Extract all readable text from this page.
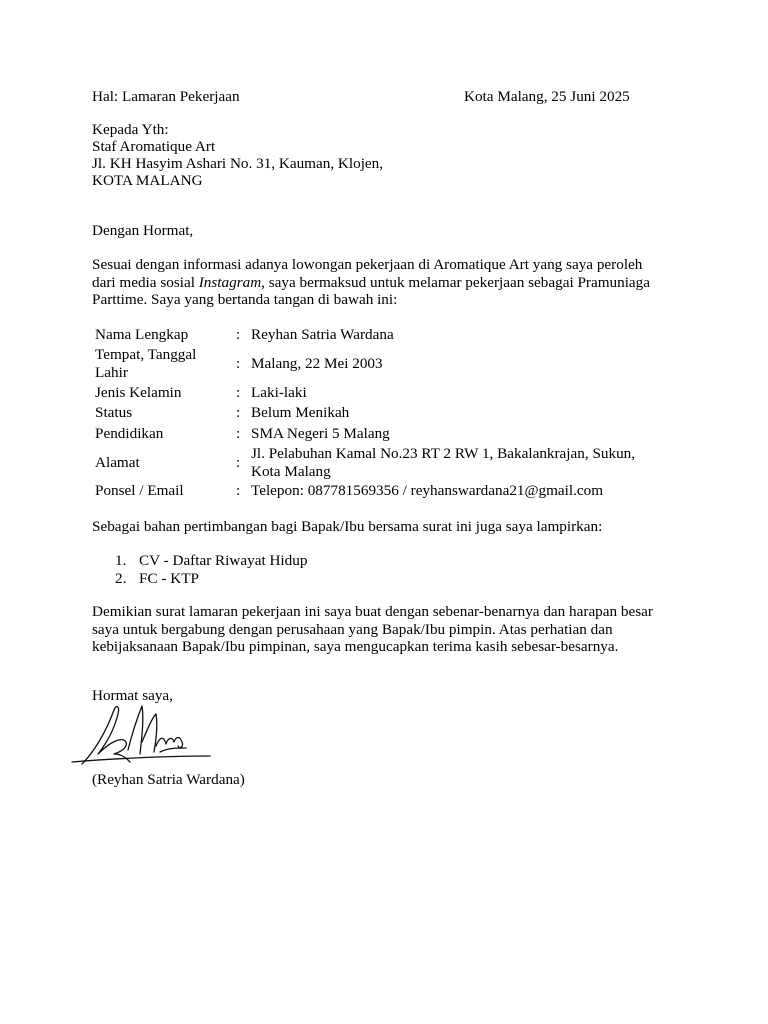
Hal: Lamaran Pekerjaan	Kota Malang, 25 Juni 2025
Kepada Yth:
Staf Aromatique Art
Jl. KH Hasyim Ashari No. 31, Kauman, Klojen,
KOTA MALANG
Dengan Hormat,
Sesuai dengan informasi adanya lowongan pekerjaan di Aromatique Art yang saya peroleh
dari media sosial Instagram, saya bermaksud untuk melamar pekerjaan sebagai Pramuniaga
Parttime. Saya yang bertanda tangan di bawah ini:
Nama Lengkap	: Reyhan Satria Wardana
Tempat, Tanggal Lahir
: Malang, 22 Mei 2003
Jenis Kelamin	: Laki-laki
Status	: Belum Menikah
Pendidikan	: SMA Negeri 5 Malang
Alamat	:
Jl. Pelabuhan Kamal No.23 RT 2 RW 1, Bakalankrajan, Sukun,
Kota Malang
Ponsel / Email	: Telepon: 087781569356 / reyhanswardana21@gmail.com
Sebagai bahan pertimbangan bagi Bapak/Ibu bersama surat ini juga saya lampirkan:
1. CV - Daftar Riwayat Hidup
2. FC - KTP
Demikian surat lamaran pekerjaan ini saya buat dengan sebenar-benarnya dan harapan besar
saya untuk bergabung dengan perusahaan yang Bapak/Ibu pimpin. Atas perhatian dan
kebijaksanaan Bapak/Ibu pimpinan, saya mengucapkan terima kasih sebesar-besarnya.
Hormat saya,
(Reyhan Satria Wardana)
